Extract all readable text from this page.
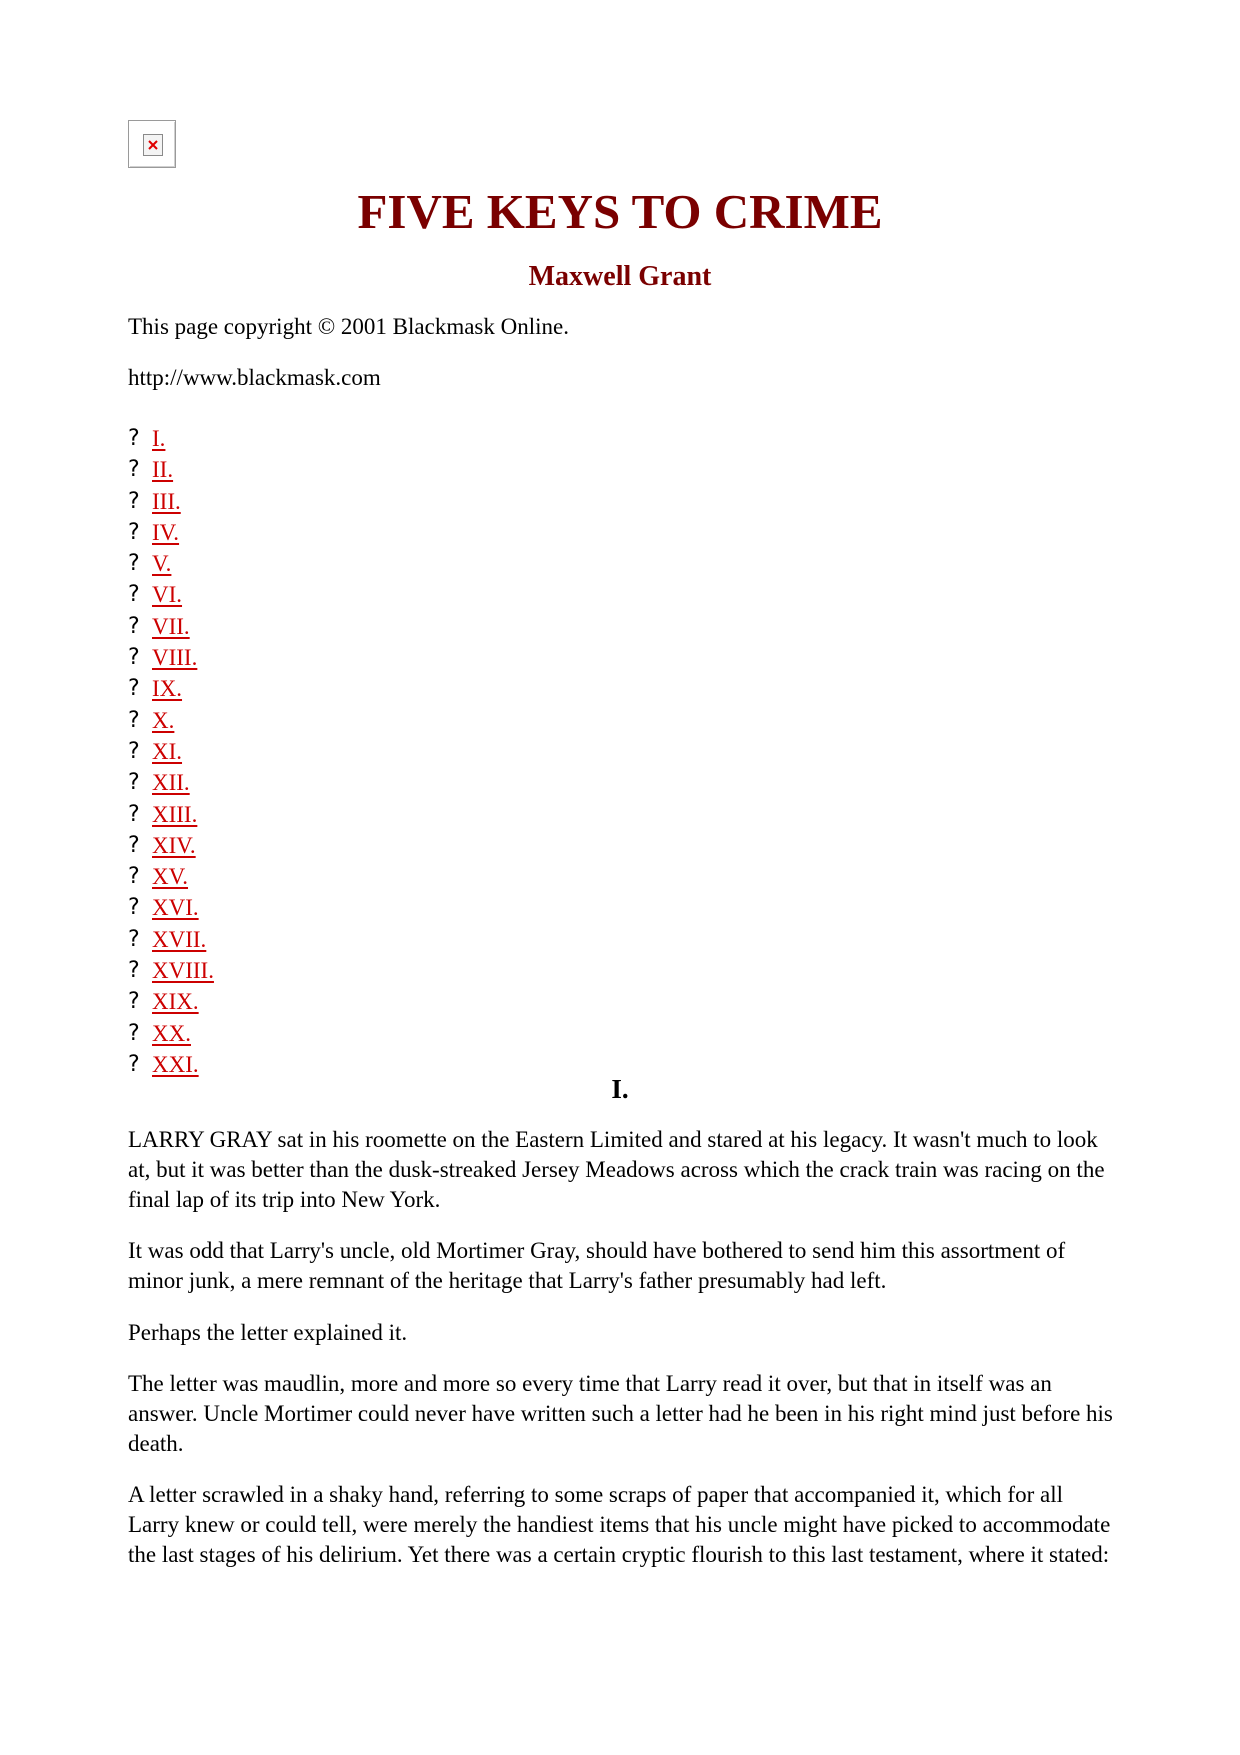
FIVE KEYS TO CRIME
Maxwell Grant

This page copyright © 2001 Blackmask Online.

http://www.blackmask.com

? I.
? II.
? III.
? IV.
? V.
? VI.
? VII.
? VIII.
? IX.
? X.
? XI.
? XII.
? XIII.
? XIV.
? XV.
? XVI.
? XVII.
? XVIII.
? XIX.
? XX.
? XXI.
I.

LARRY GRAY sat in his roomette on the Eastern Limited and stared at his legacy. It wasn't much to look at, but it was better than the dusk-streaked Jersey Meadows across which the crack train was racing on the final lap of its trip into New York.

It was odd that Larry's uncle, old Mortimer Gray, should have bothered to send him this assortment of minor junk, a mere remnant of the heritage that Larry's father presumably had left.

Perhaps the letter explained it.

The letter was maudlin, more and more so every time that Larry read it over, but that in itself was an answer. Uncle Mortimer could never have written such a letter had he been in his right mind just before his death.

A letter scrawled in a shaky hand, referring to some scraps of paper that accompanied it, which for all Larry knew or could tell, were merely the handiest items that his uncle might have picked to accommodate the last stages of his delirium. Yet there was a certain cryptic flourish to this last testament, where it stated:
